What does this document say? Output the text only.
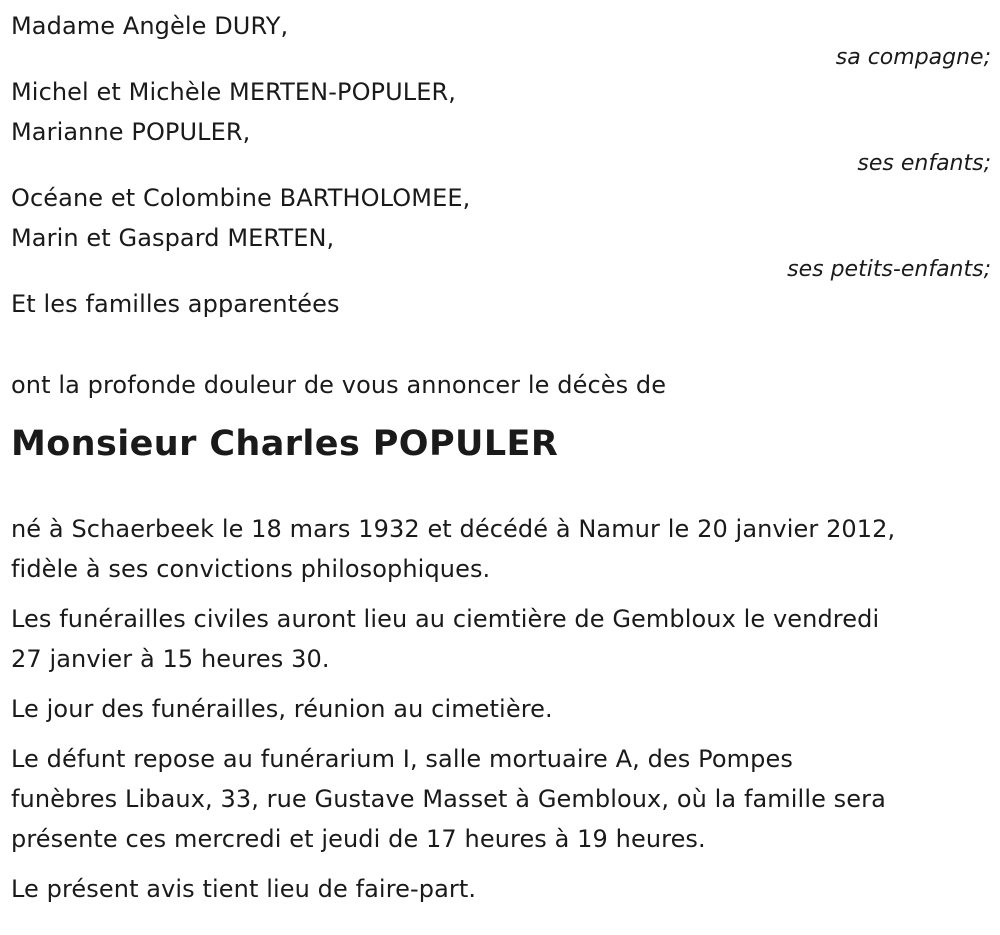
Madame Angèle DURY,
sa compagne;
Michel et Michèle MERTEN-POPULER,
Marianne POPULER,
ses enfants;
Océane et Colombine BARTHOLOMEE,
Marin et Gaspard MERTEN,
ses petits-enfants;
Et les familles apparentées
ont la profonde douleur de vous annoncer le décès de
Monsieur Charles POPULER
né à Schaerbeek le 18 mars 1932 et décédé à Namur le 20 janvier 2012,
fidèle à ses convictions philosophiques.
Les funérailles civiles auront lieu au ciemtière de Gembloux le vendredi
27 janvier à 15 heures 30.
Le jour des funérailles, réunion au cimetière.
Le défunt repose au funérarium I, salle mortuaire A, des Pompes
funèbres Libaux, 33, rue Gustave Masset à Gembloux, où la famille sera
présente ces mercredi et jeudi de 17 heures à 19 heures.
Le présent avis tient lieu de faire-part.
